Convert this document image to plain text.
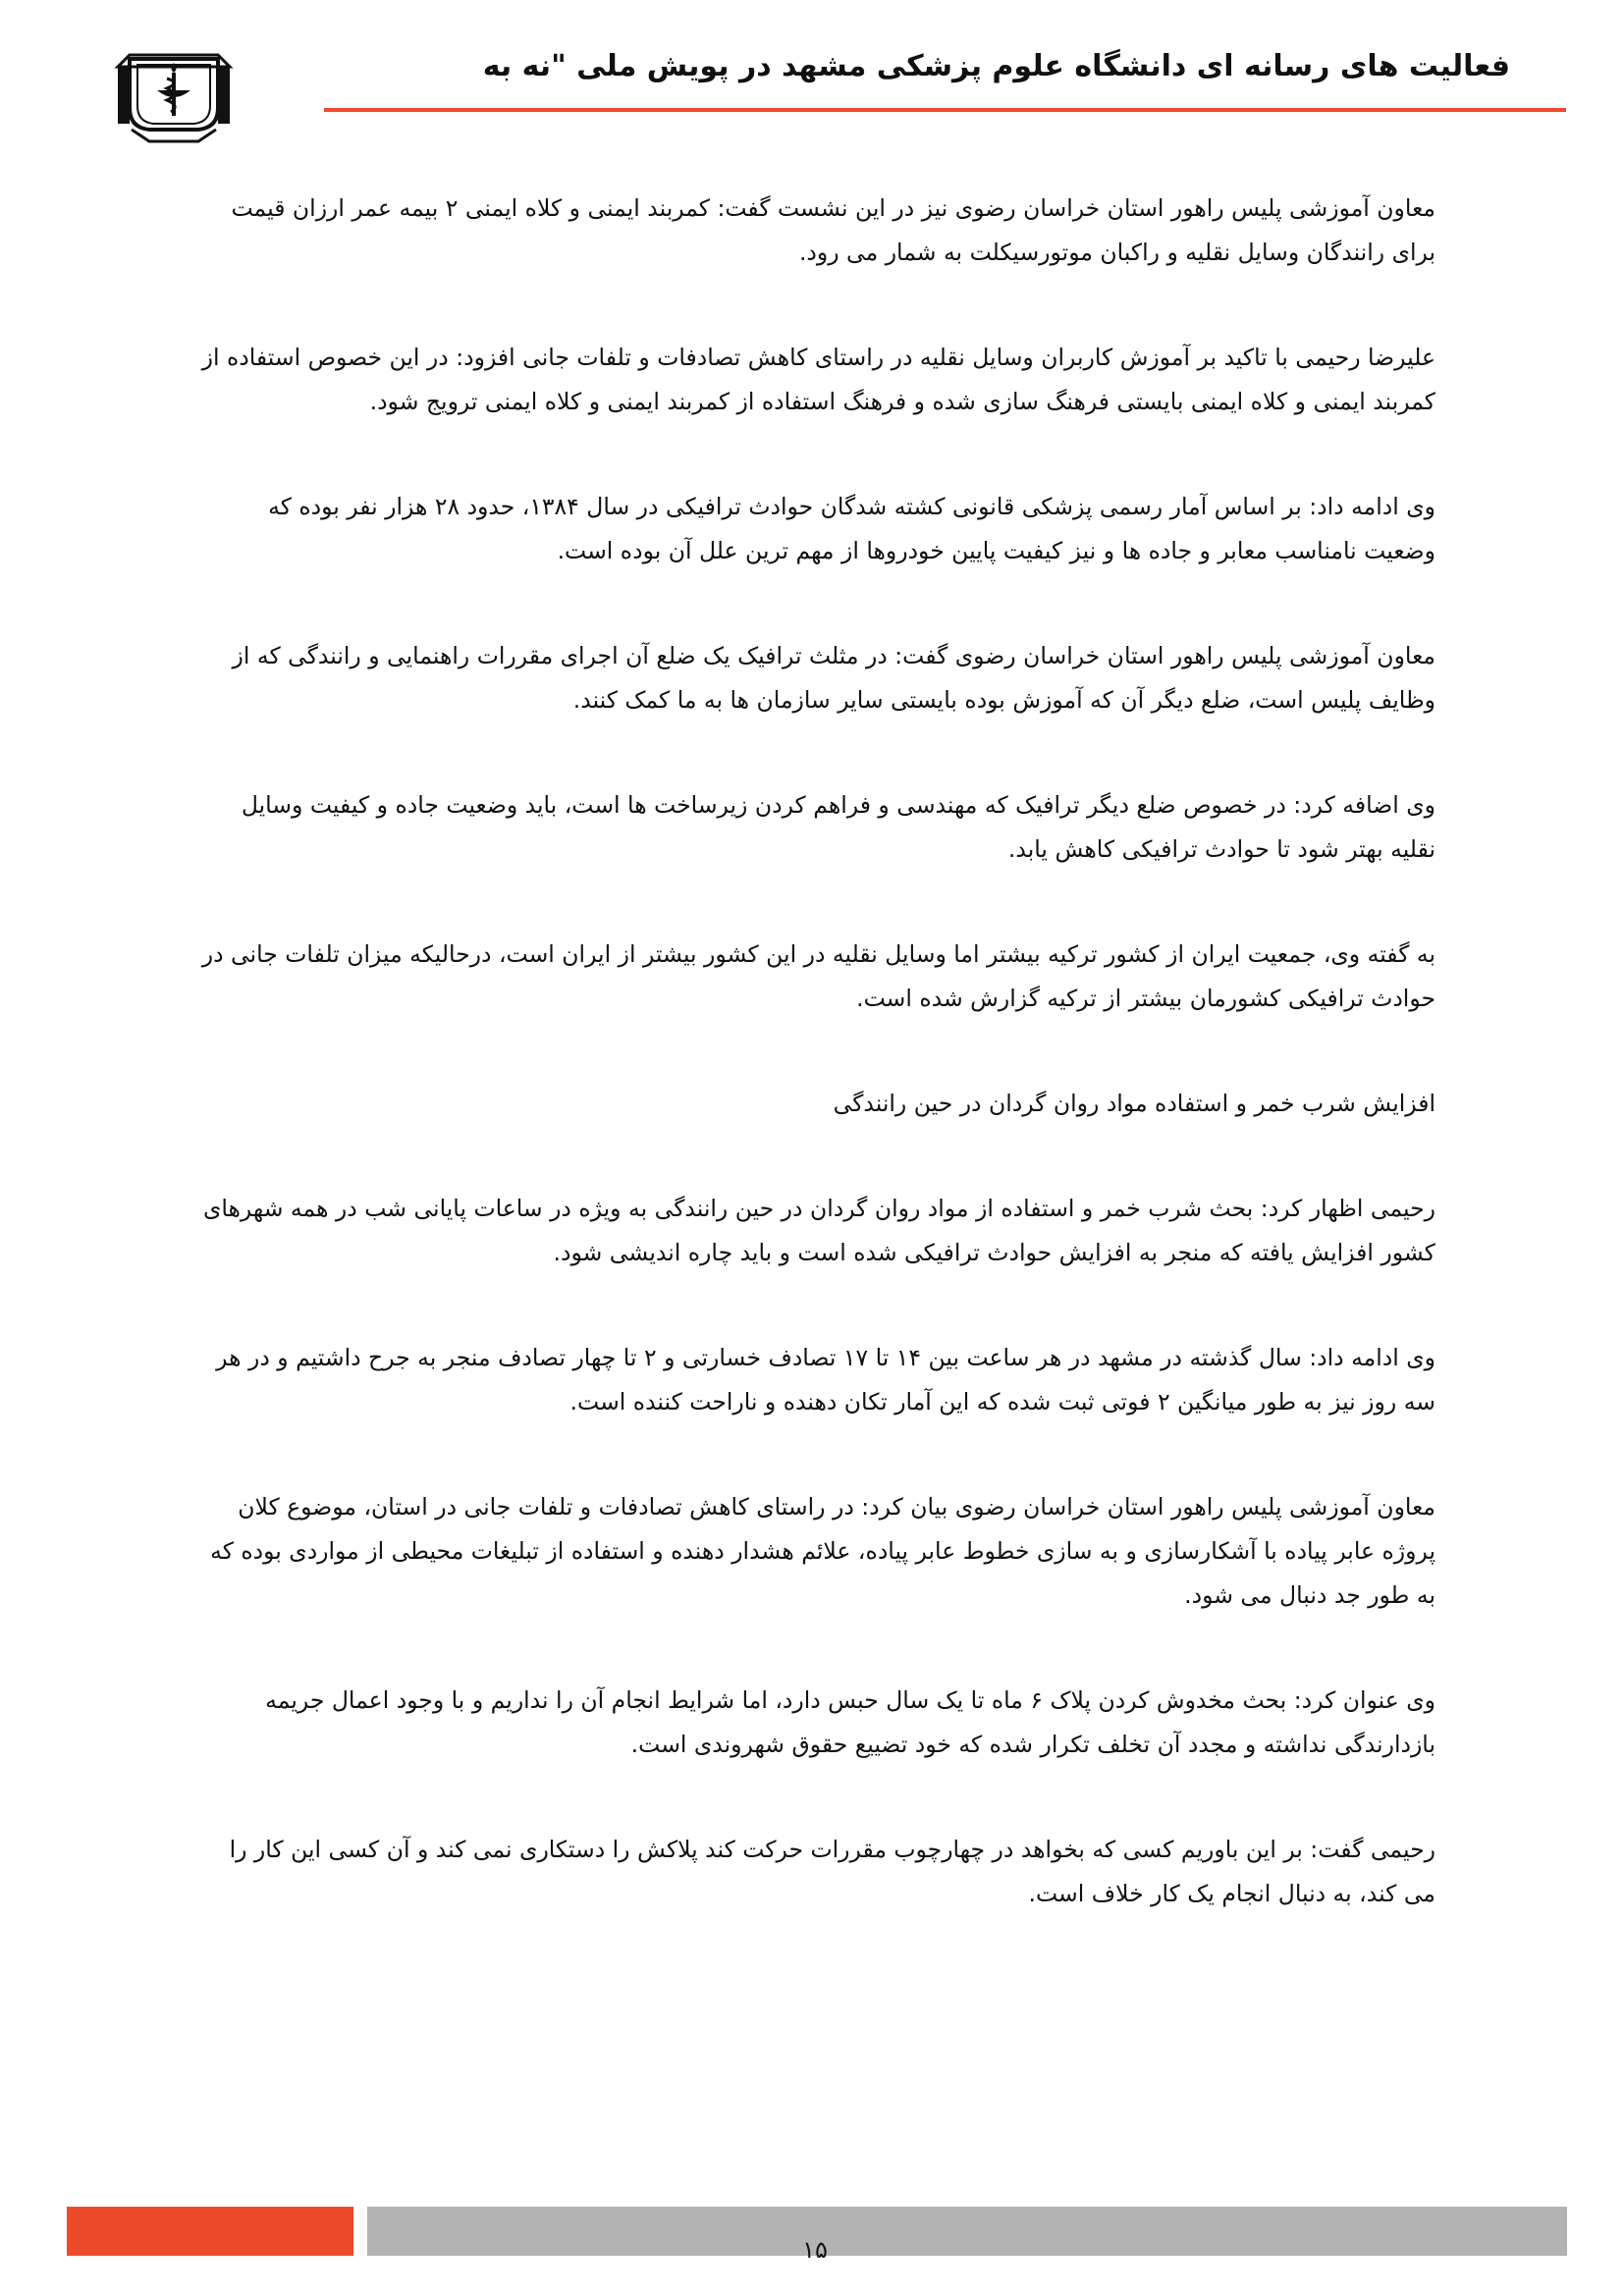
فعالیت های رسانه ای دانشگاه علوم پزشکی مشهد در پویش ملی "نه به

معاون آموزشی پلیس راهور استان خراسان رضوی نیز در این نشست گفت: کمربند ایمنی و کلاه ایمنی ۲ بیمه عمر ارزان قیمت برای رانندگان وسایل نقلیه و راکبان موتورسیکلت به شمار می رود.

علیرضا رحیمی با تاکید بر آموزش کاربران وسایل نقلیه در راستای کاهش تصادفات و تلفات جانی افزود: در این خصوص استفاده از کمربند ایمنی و کلاه ایمنی بایستی فرهنگ سازی شده و فرهنگ استفاده از کمربند ایمنی و کلاه ایمنی ترویج شود.

وی ادامه داد: بر اساس آمار رسمی پزشکی قانونی کشته شدگان حوادث ترافیکی در سال ۱۳۸۴، حدود ۲۸ هزار نفر بوده که وضعیت نامناسب معابر و جاده ها و نیز کیفیت پایین خودروها از مهم ترین علل آن بوده است.

معاون آموزشی پلیس راهور استان خراسان رضوی گفت: در مثلث ترافیک یک ضلع آن اجرای مقررات راهنمایی و رانندگی که از وظایف پلیس است، ضلع دیگر آن که آموزش بوده بایستی سایر سازمان ها به ما کمک کنند.

وی اضافه کرد: در خصوص ضلع دیگر ترافیک که مهندسی و فراهم کردن زیرساخت ها است، باید وضعیت جاده و کیفیت وسایل نقلیه بهتر شود تا حوادث ترافیکی کاهش یابد.

به گفته وی، جمعیت ایران از کشور ترکیه بیشتر اما وسایل نقلیه در این کشور بیشتر از ایران است، درحالیکه میزان تلفات جانی در حوادث ترافیکی کشورمان بیشتر از ترکیه گزارش شده است.

افزایش شرب خمر و استفاده مواد روان گردان در حین رانندگی

رحیمی اظهار کرد: بحث شرب خمر و استفاده از مواد روان گردان در حین رانندگی به ویژه در ساعات پایانی شب در همه شهرهای کشور افزایش یافته که منجر به افزایش حوادث ترافیکی شده است و باید چاره اندیشی شود.

وی ادامه داد: سال گذشته در مشهد در هر ساعت بین ۱۴ تا ۱۷ تصادف خسارتی و ۲ تا چهار تصادف منجر به جرح داشتیم و در هر سه روز نیز به طور میانگین ۲ فوتی ثبت شده که این آمار تکان دهنده و ناراحت کننده است.

معاون آموزشی پلیس راهور استان خراسان رضوی بیان کرد: در راستای کاهش تصادفات و تلفات جانی در استان، موضوع کلان پروژه عابر پیاده با آشکارسازی و به سازی خطوط عابر پیاده، علائم هشدار دهنده و استفاده از تبلیغات محیطی از مواردی بوده که به طور جد دنبال می شود.

وی عنوان کرد: بحث مخدوش کردن پلاک ۶ ماه تا یک سال حبس دارد، اما شرایط انجام آن را نداریم و با وجود اعمال جریمه بازدارندگی نداشته و مجدد آن تخلف تکرار شده که خود تضییع حقوق شهروندی است.

رحیمی گفت: بر این باوریم کسی که بخواهد در چهارچوب مقررات حرکت کند پلاکش را دستکاری نمی کند و آن کسی این کار را می کند، به دنبال انجام یک کار خلاف است.

۱۵
